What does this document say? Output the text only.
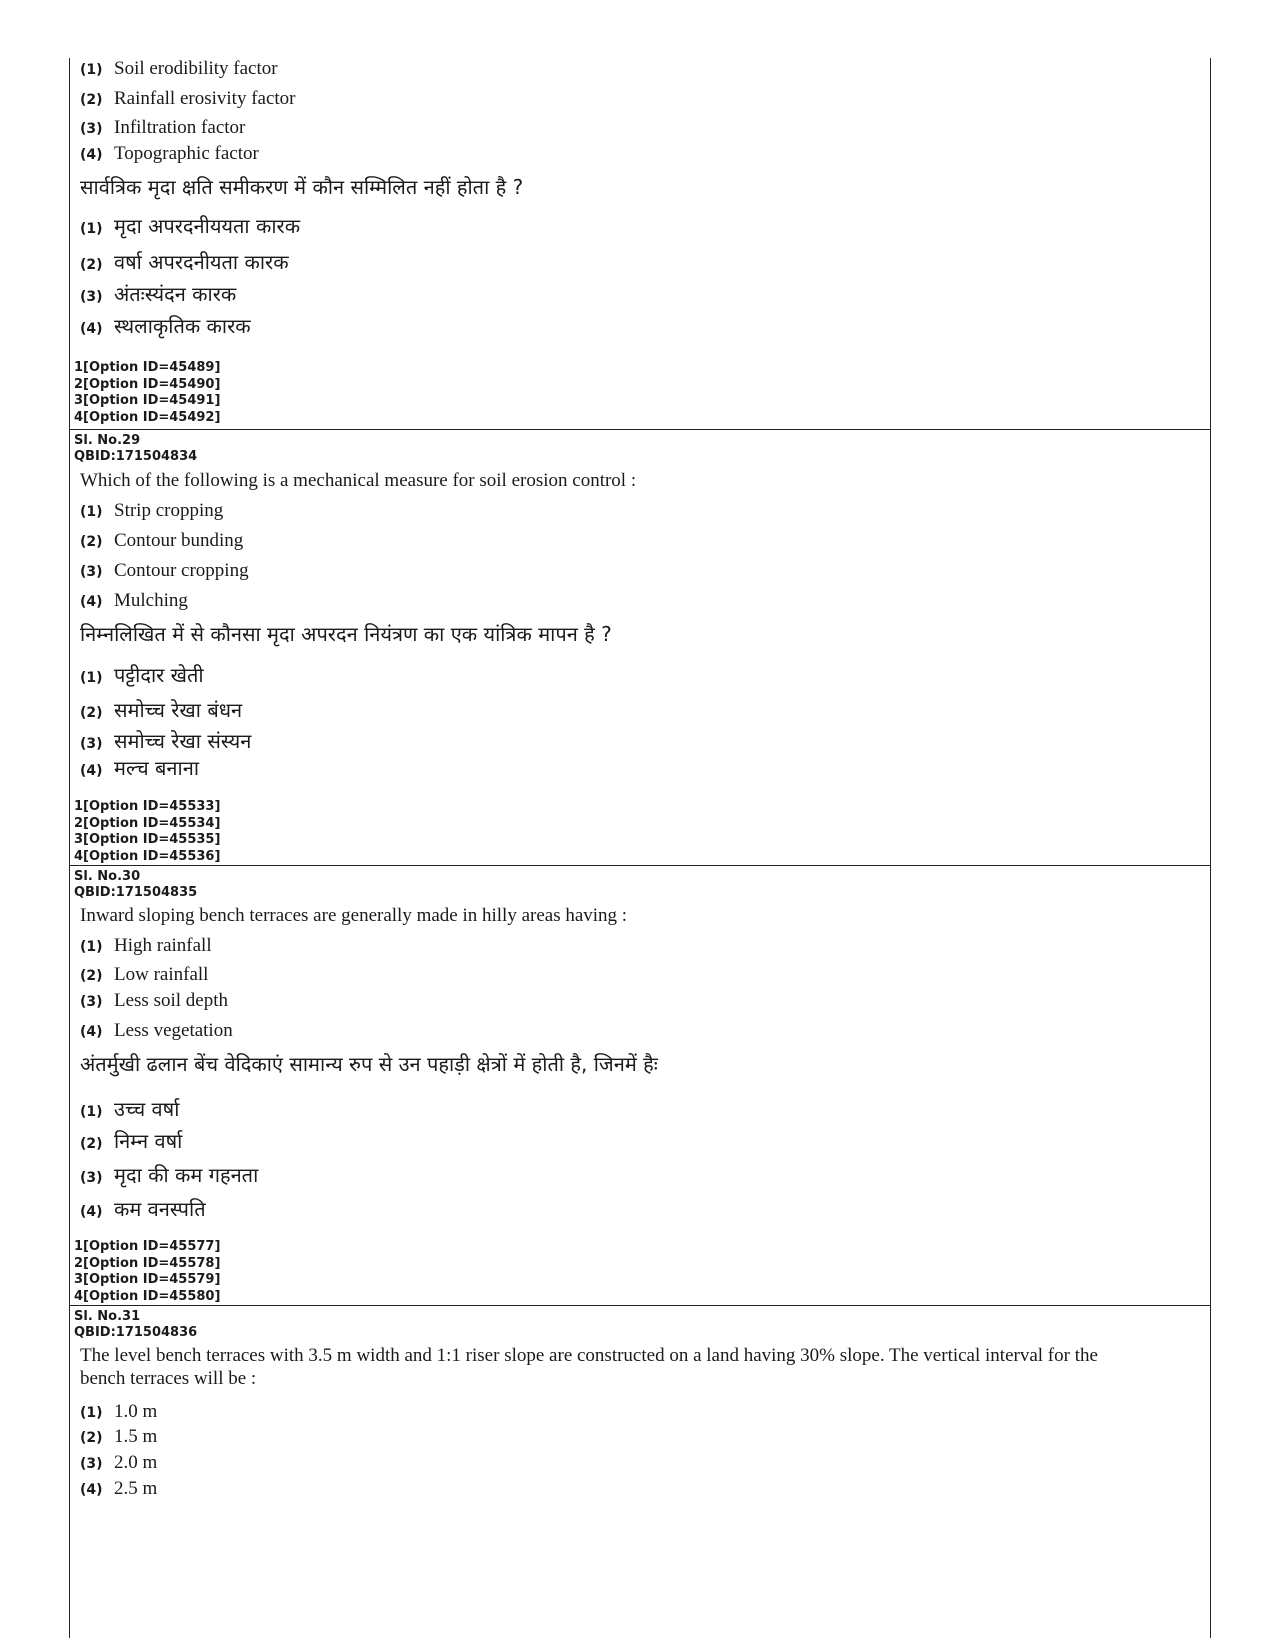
(1) Soil erodibility factor
(2) Rainfall erosivity factor
(3) Infiltration factor
(4) Topographic factor
सार्वत्रिक मृदा क्षति समीकरण में कौन सम्मिलित नहीं होता है ?
(1) मृदा अपरदनीययता कारक
(2) वर्षा अपरदनीयता कारक
(3) अंतःस्यंदन कारक
(4) स्थलाकृतिक कारक
1[Option ID=45489]
2[Option ID=45490]
3[Option ID=45491]
4[Option ID=45492]
Sl. No.29
QBID:171504834
Which of the following is a mechanical measure for soil erosion control :
(1) Strip cropping
(2) Contour bunding
(3) Contour cropping
(4) Mulching
निम्नलिखित में से कौनसा मृदा अपरदन नियंत्रण का एक यांत्रिक मापन है ?
(1) पट्टीदार खेती
(2) समोच्च रेखा बंधन
(3) समोच्च रेखा संस्यन
(4) मल्च बनाना
1[Option ID=45533]
2[Option ID=45534]
3[Option ID=45535]
4[Option ID=45536]
Sl. No.30
QBID:171504835
Inward sloping bench terraces are generally made in hilly areas having :
(1) High rainfall
(2) Low rainfall
(3) Less soil depth
(4) Less vegetation
अंतर्मुखी ढलान बेंच वेदिकाएं सामान्य रुप से उन पहाड़ी क्षेत्रों में होती है, जिनमें हैः
(1) उच्च वर्षा
(2) निम्न वर्षा
(3) मृदा की कम गहनता
(4) कम वनस्पति
1[Option ID=45577]
2[Option ID=45578]
3[Option ID=45579]
4[Option ID=45580]
Sl. No.31
QBID:171504836
The level bench terraces with 3.5 m width and 1:1 riser slope are constructed on a land having 30% slope. The vertical interval for the
bench terraces will be :
(1) 1.0 m
(2) 1.5 m
(3) 2.0 m
(4) 2.5 m
